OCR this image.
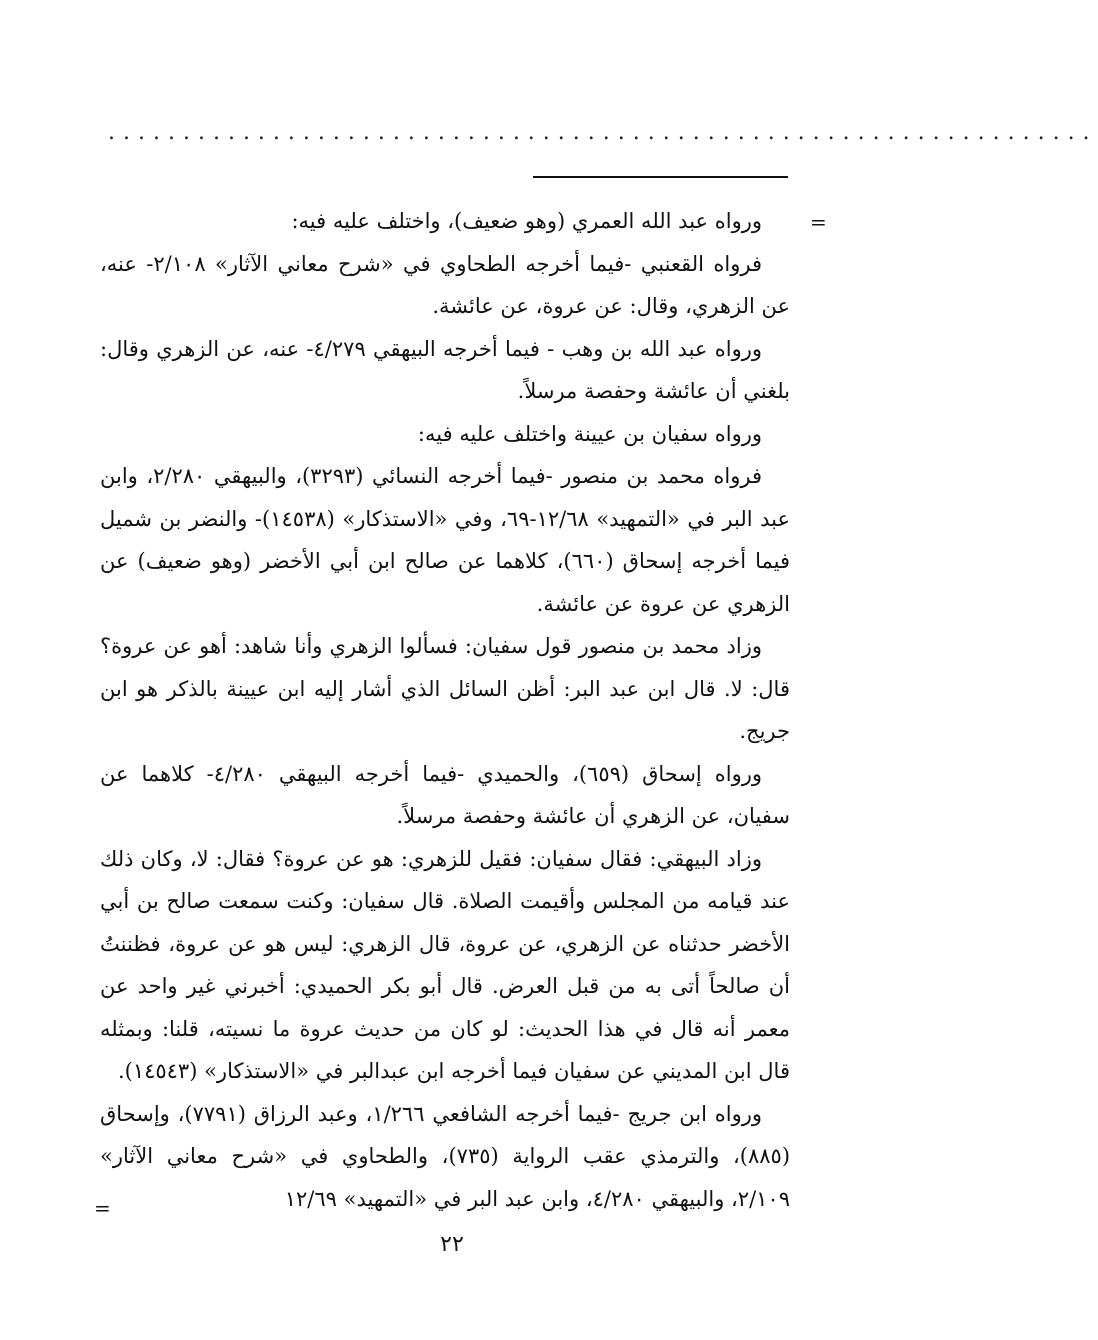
..................................................................
=

ورواه عبد الله العمري (وهو ضعيف)، واختلف عليه فيه:

فرواه القعنبي -فيما أخرجه الطحاوي في «شرح معاني الآثار» ٢/١٠٨- عنه، عن الزهري، وقال: عن عروة، عن عائشة.

ورواه عبد الله بن وهب - فيما أخرجه البيهقي ٤/٢٧٩- عنه، عن الزهري وقال: بلغني أن عائشة وحفصة مرسلاً.

ورواه سفيان بن عيينة واختلف عليه فيه:

فرواه محمد بن منصور -فيما أخرجه النسائي (٣٢٩٣)، والبيهقي ٢/٢٨٠، وابن عبد البر في «التمهيد» ١٢/٦٨-٦٩، وفي «الاستذكار» (١٤٥٣٨)- والنضر بن شميل فيما أخرجه إسحاق (٦٦٠)، كلاهما عن صالح ابن أبي الأخضر (وهو ضعيف) عن الزهري عن عروة عن عائشة.

وزاد محمد بن منصور قول سفيان: فسألوا الزهري وأنا شاهد: أهو عن عروة؟ قال: لا. قال ابن عبد البر: أظن السائل الذي أشار إليه ابن عيينة بالذكر هو ابن جريج.

ورواه إسحاق (٦٥٩)، والحميدي -فيما أخرجه البيهقي ٤/٢٨٠- كلاهما عن سفيان، عن الزهري أن عائشة وحفصة مرسلاً.

وزاد البيهقي: فقال سفيان: فقيل للزهري: هو عن عروة؟ فقال: لا، وكان ذلك عند قيامه من المجلس وأقيمت الصلاة. قال سفيان: وكنت سمعت صالح بن أبي الأخضر حدثناه عن الزهري، عن عروة، قال الزهري: ليس هو عن عروة، فظننتُ أن صالحاً أتى به من قبل العرض. قال أبو بكر الحميدي: أخبرني غير واحد عن معمر أنه قال في هذا الحديث: لو كان من حديث عروة ما نسيته، قلنا: وبمثله قال ابن المديني عن سفيان فيما أخرجه ابن عبدالبر في «الاستذكار» (١٤٥٤٣).

ورواه ابن جريج -فيما أخرجه الشافعي ١/٢٦٦، وعبد الرزاق (٧٧٩١)، وإسحاق (٨٨٥)، والترمذي عقب الرواية (٧٣٥)، والطحاوي في «شرح معاني الآثار» ٢/١٠٩، والبيهقي ٤/٢٨٠، وابن عبد البر في «التمهيد» ١٢/٦٩

=
٢٢
